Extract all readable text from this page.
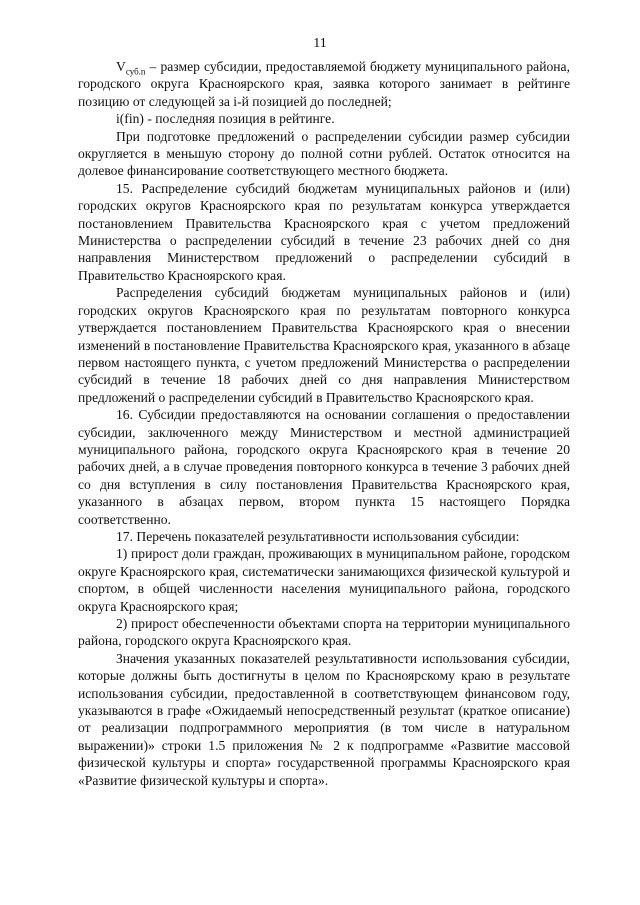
11

$V_{суб.n}$ – размер субсидии, предоставляемой бюджету муниципального района, городского округа Красноярского края, заявка которого занимает в рейтинге позицию от следующей за i-й позицией до последней;

i(fin) - последняя позиция в рейтинге.

При подготовке предложений о распределении субсидии размер субсидии округляется в меньшую сторону до полной сотни рублей. Остаток относится на долевое финансирование соответствующего местного бюджета.

15. Распределение субсидий бюджетам муниципальных районов и (или) городских округов Красноярского края по результатам конкурса утверждается постановлением Правительства Красноярского края с учетом предложений Министерства о распределении субсидий в течение 23 рабочих дней со дня направления Министерством предложений о распределении субсидий в Правительство Красноярского края.

Распределения субсидий бюджетам муниципальных районов и (или) городских округов Красноярского края по результатам повторного конкурса утверждается постановлением Правительства Красноярского края о внесении изменений в постановление Правительства Красноярского края, указанного в абзаце первом настоящего пункта, с учетом предложений Министерства о распределении субсидий в течение 18 рабочих дней со дня направления Министерством предложений о распределении субсидий в Правительство Красноярского края.

16. Субсидии предоставляются на основании соглашения о предоставлении субсидии, заключенного между Министерством и местной администрацией муниципального района, городского округа Красноярского края в течение 20 рабочих дней, а в случае проведения повторного конкурса в течение 3 рабочих дней со дня вступления в силу постановления Правительства Красноярского края, указанного в абзацах первом, втором пункта 15 настоящего Порядка соответственно.

17. Перечень показателей результативности использования субсидии:

1) прирост доли граждан, проживающих в муниципальном районе, городском округе Красноярского края, систематически занимающихся физической культурой и спортом, в общей численности населения муниципального района, городского округа Красноярского края;

2) прирост обеспеченности объектами спорта на территории муниципального района, городского округа Красноярского края.

Значения указанных показателей результативности использования субсидии, которые должны быть достигнуты в целом по Красноярскому краю в результате использования субсидии, предоставленной в соответствующем финансовом году, указываются в графе «Ожидаемый непосредственный результат (краткое описание) от реализации подпрограммного мероприятия (в том числе в натуральном выражении)» строки 1.5 приложения № 2 к подпрограмме «Развитие массовой физической культуры и спорта» государственной программы Красноярского края «Развитие физической культуры и спорта».
